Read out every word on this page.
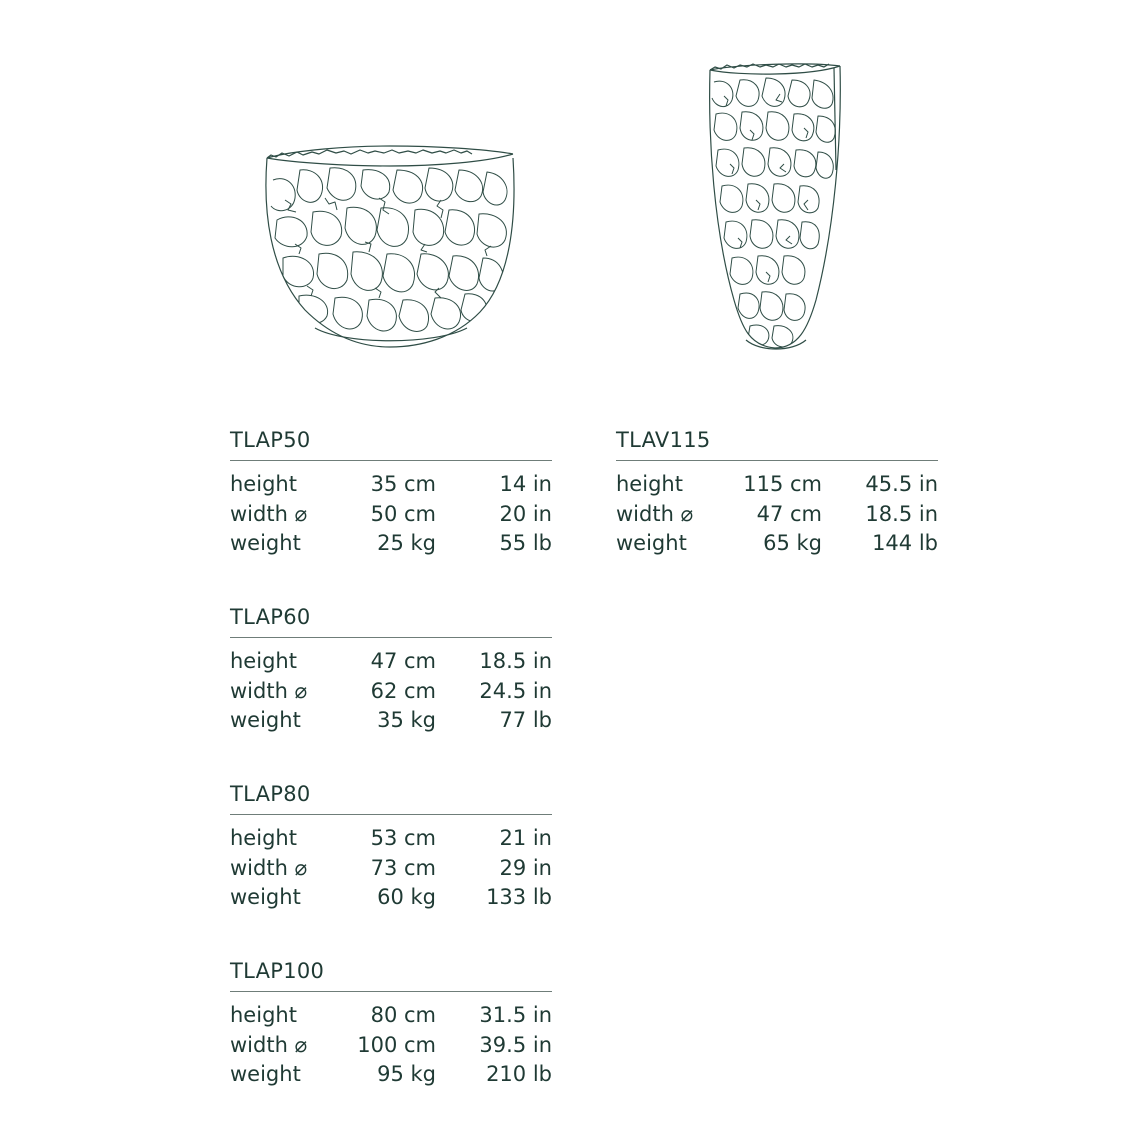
TLAP50
height	35 cm	14 in
width ⌀	50 cm	20 in
weight	25 kg	55 lb
TLAP60
height	47 cm	18.5 in
width ⌀	62 cm	24.5 in
weight	35 kg	77 lb
TLAP80
height	53 cm	21 in
width ⌀	73 cm	29 in
weight	60 kg	133 lb
TLAP100
height	80 cm	31.5 in
width ⌀	100 cm	39.5 in
weight	95 kg	210 lb
TLAV115
height	115 cm	45.5 in
width ⌀	47 cm	18.5 in
weight	65 kg	144 lb
